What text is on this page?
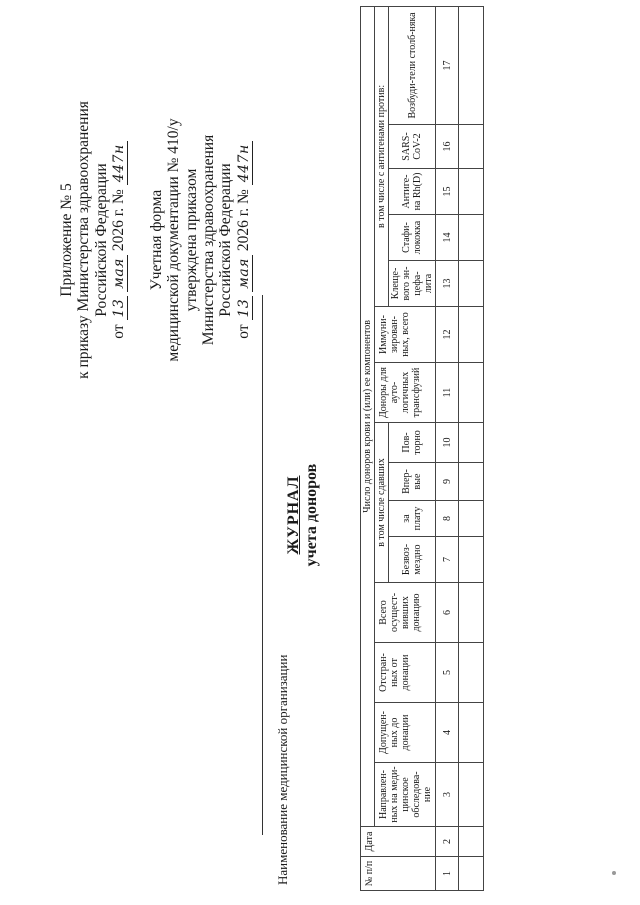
Приложение № 5 к приказу Министерства здравоохранения Российской Федерации
от 13 мая 2026 г. № 447н
Учетная форма медицинской документации № 410/у утверждена приказом Министерства здравоохранения Российской Федерации
от 13 мая 2026 г. № 447н
Наименование медицинской организации
ЖУРНАЛ учета доноров
№ п/п	Дата	Число доноров крови и (или) ее компонентов														
		Направлен-ных на меди-цинское обследова-ние	Допущен-ных до донации	Отстран-ных от донации	Всего осущест-вивших донацию	в том числе сдавших				Доноры для ауто-логичных трансфузий	Иммуни-зирован-ных, всего	в том числе с антигенами против:				
						Безвоз-мездно	за плату	Впер-вые	Пов-торно			Клеще-вого эн-цефа-лита	Стафи-лококка	Антиге-на Rh(D)	SARS-CoV-2	Возбуди-тели столб-няка
1	2	3	4	5	6	7	8	9	10	11	12	13	14	15	16	17
